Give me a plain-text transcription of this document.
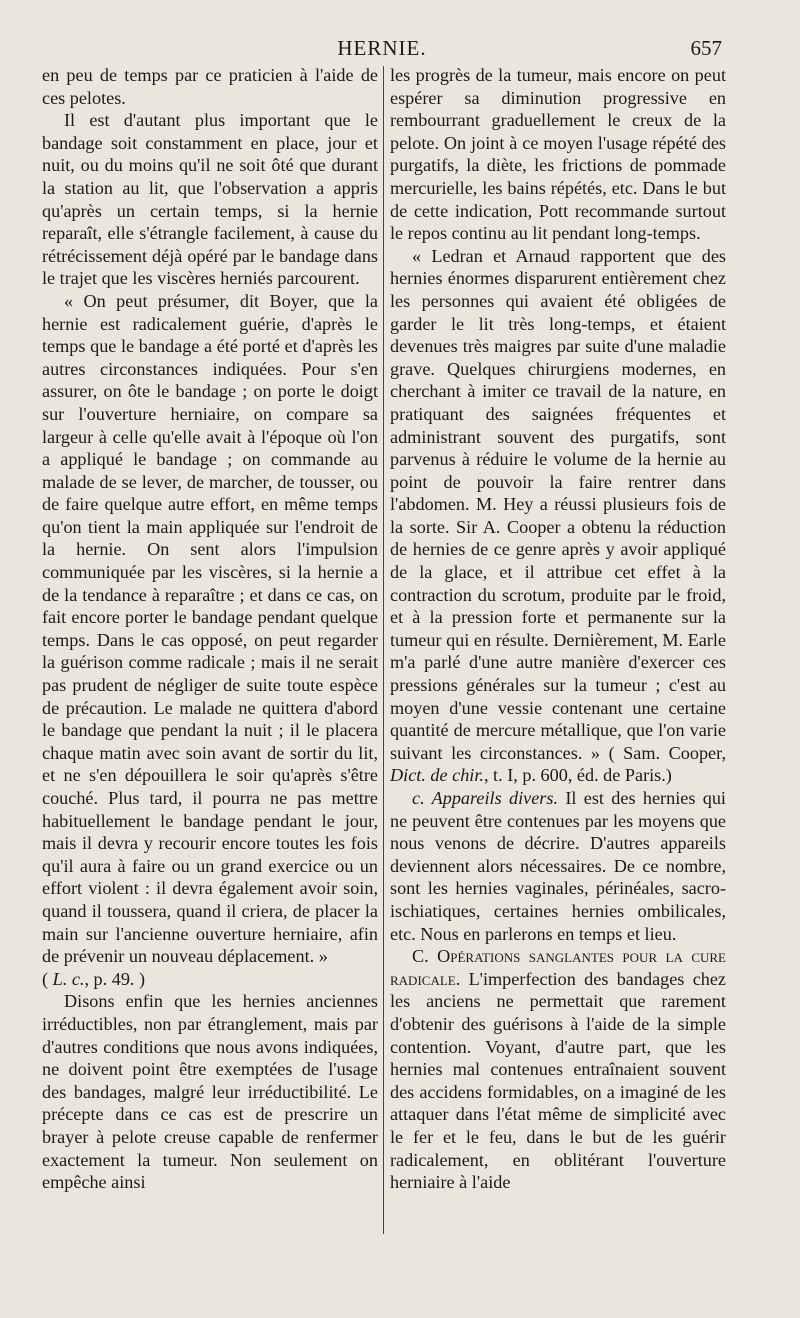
HERNIE.	657

en peu de temps par ce praticien à l'aide de ces pelotes.

Il est d'autant plus important que le bandage soit constamment en place, jour et nuit, ou du moins qu'il ne soit ôté que durant la station au lit, que l'observation a appris qu'après un certain temps, si la hernie reparaît, elle s'étrangle facilement, à cause du rétrécissement déjà opéré par le bandage dans le trajet que les viscères herniés parcourent.

« On peut présumer, dit Boyer, que la hernie est radicalement guérie, d'après le temps que le bandage a été porté et d'après les autres circonstances indiquées. Pour s'en assurer, on ôte le bandage ; on porte le doigt sur l'ouverture herniaire, on compare sa largeur à celle qu'elle avait à l'époque où l'on a appliqué le bandage ; on commande au malade de se lever, de marcher, de tousser, ou de faire quelque autre effort, en même temps qu'on tient la main appliquée sur l'endroit de la hernie. On sent alors l'impulsion communiquée par les viscères, si la hernie a de la tendance à reparaître ; et dans ce cas, on fait encore porter le bandage pendant quelque temps. Dans le cas opposé, on peut regarder la guérison comme radicale ; mais il ne serait pas prudent de négliger de suite toute espèce de précaution. Le malade ne quittera d'abord le bandage que pendant la nuit ; il le placera chaque matin avec soin avant de sortir du lit, et ne s'en dépouillera le soir qu'après s'être couché. Plus tard, il pourra ne pas mettre habituellement le bandage pendant le jour, mais il devra y recourir encore toutes les fois qu'il aura à faire ou un grand exercice ou un effort violent : il devra également avoir soin, quand il toussera, quand il criera, de placer la main sur l'ancienne ouverture herniaire, afin de prévenir un nouveau déplacement. »
( L. c., p. 49. )

Disons enfin que les hernies anciennes irréductibles, non par étranglement, mais par d'autres conditions que nous avons indiquées, ne doivent point être exemptées de l'usage des bandages, malgré leur irréductibilité. Le précepte dans ce cas est de prescrire un brayer à pelote creuse capable de renfermer exactement la tumeur. Non seulement on empêche ainsi

les progrès de la tumeur, mais encore on peut espérer sa diminution progressive en rembourrant graduellement le creux de la pelote. On joint à ce moyen l'usage répété des purgatifs, la diète, les frictions de pommade mercurielle, les bains répétés, etc. Dans le but de cette indication, Pott recommande surtout le repos continu au lit pendant long-temps.

« Ledran et Arnaud rapportent que des hernies énormes disparurent entièrement chez les personnes qui avaient été obligées de garder le lit très long-temps, et étaient devenues très maigres par suite d'une maladie grave. Quelques chirurgiens modernes, en cherchant à imiter ce travail de la nature, en pratiquant des saignées fréquentes et administrant souvent des purgatifs, sont parvenus à réduire le volume de la hernie au point de pouvoir la faire rentrer dans l'abdomen. M. Hey a réussi plusieurs fois de la sorte. Sir A. Cooper a obtenu la réduction de hernies de ce genre après y avoir appliqué de la glace, et il attribue cet effet à la contraction du scrotum, produite par le froid, et à la pression forte et permanente sur la tumeur qui en résulte. Dernièrement, M. Earle m'a parlé d'une autre manière d'exercer ces pressions générales sur la tumeur ; c'est au moyen d'une vessie contenant une certaine quantité de mercure métallique, que l'on varie suivant les circonstances. » ( Sam. Cooper, Dict. de chir., t. I, p. 600, éd. de Paris.)

c. Appareils divers. Il est des hernies qui ne peuvent être contenues par les moyens que nous venons de décrire. D'autres appareils deviennent alors nécessaires. De ce nombre, sont les hernies vaginales, périnéales, sacro-ischiatiques, certaines hernies ombilicales, etc. Nous en parlerons en temps et lieu.

C. Opérations sanglantes pour la cure radicale. L'imperfection des bandages chez les anciens ne permettait que rarement d'obtenir des guérisons à l'aide de la simple contention. Voyant, d'autre part, que les hernies mal contenues entraînaient souvent des accidens formidables, on a imaginé de les attaquer dans l'état même de simplicité avec le fer et le feu, dans le but de les guérir radicalement, en oblitérant l'ouverture herniaire à l'aide
